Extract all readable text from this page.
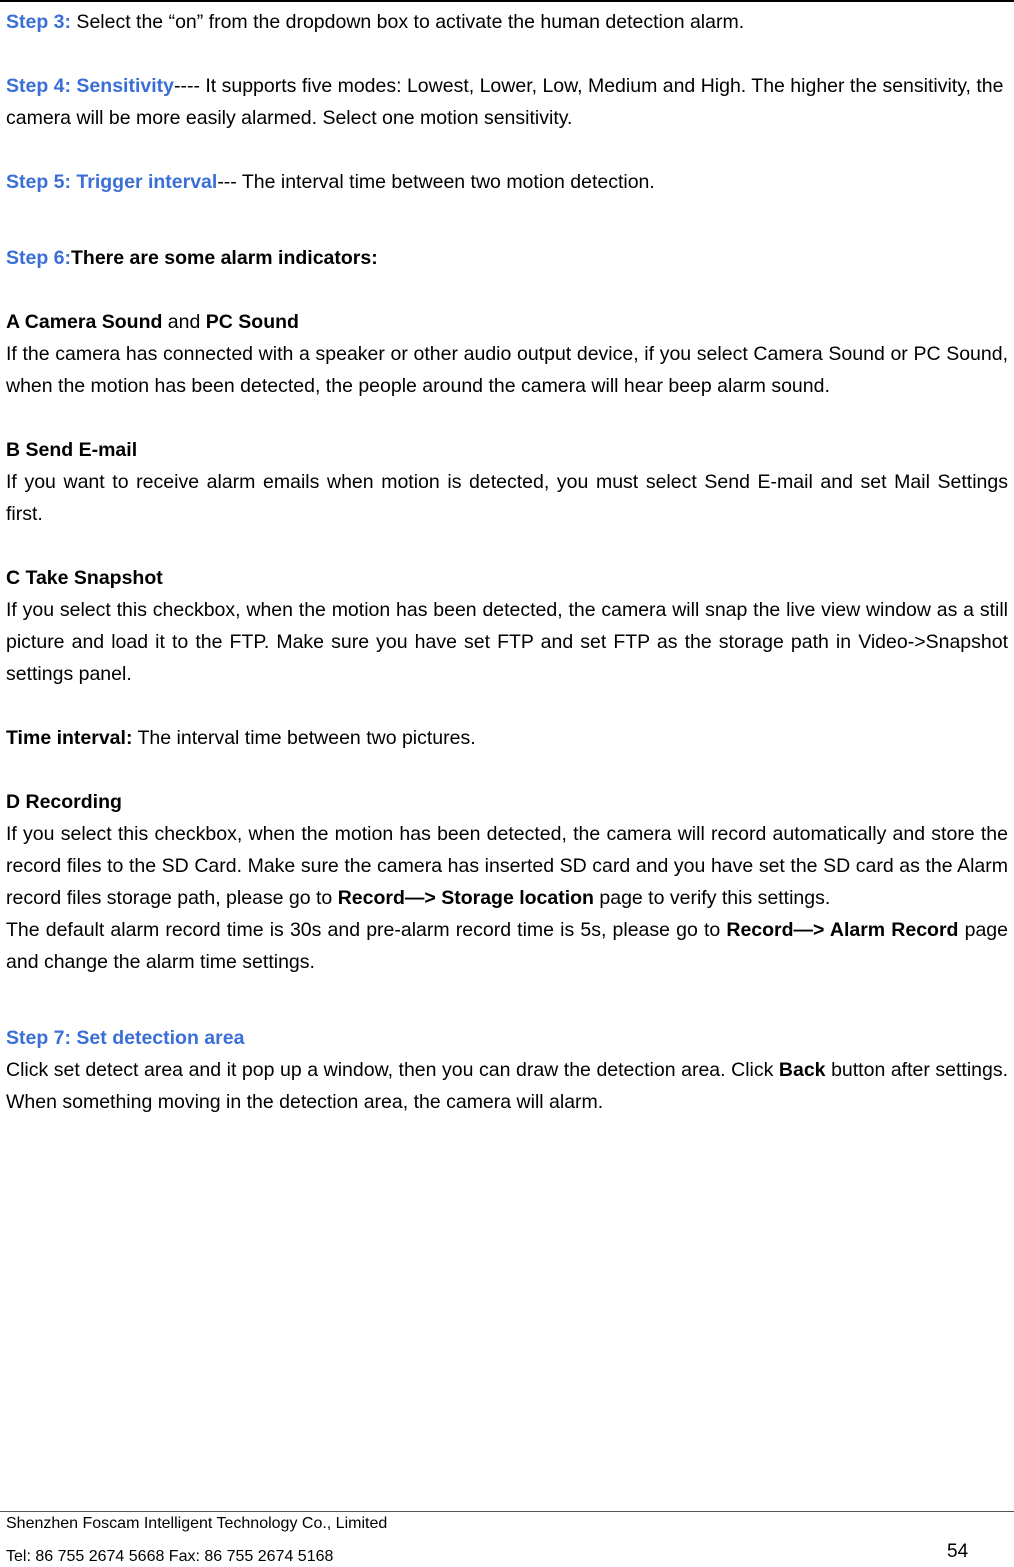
Step 3: Select the “on” from the dropdown box to activate the human detection alarm.

Step 4: Sensitivity---- It supports five modes: Lowest, Lower, Low, Medium and High. The higher the sensitivity, the camera will be more easily alarmed. Select one motion sensitivity.

Step 5: Trigger interval--- The interval time between two motion detection.

Step 6:There are some alarm indicators:

A Camera Sound and PC Sound

If the camera has connected with a speaker or other audio output device, if you select Camera Sound or PC Sound, when the motion has been detected, the people around the camera will hear beep alarm sound.

B Send E-mail

If you want to receive alarm emails when motion is detected, you must select Send E-mail and set Mail Settings first.

C Take Snapshot

If you select this checkbox, when the motion has been detected, the camera will snap the live view window as a still picture and load it to the FTP. Make sure you have set FTP and set FTP as the storage path in Video->Snapshot settings panel.

Time interval: The interval time between two pictures.

D Recording

If you select this checkbox, when the motion has been detected, the camera will record automatically and store the record files to the SD Card. Make sure the camera has inserted SD card and you have set the SD card as the Alarm record files storage path, please go to Record—> Storage location page to verify this settings.

The default alarm record time is 30s and pre-alarm record time is 5s, please go to Record—> Alarm Record page and change the alarm time settings.

Step 7: Set detection area

Click set detect area and it pop up a window, then you can draw the detection area. Click Back button after settings. When something moving in the detection area, the camera will alarm.

Shenzhen Foscam Intelligent Technology Co., Limited
Tel: 86 755 2674 5668 Fax: 86 755 2674 5168	54
